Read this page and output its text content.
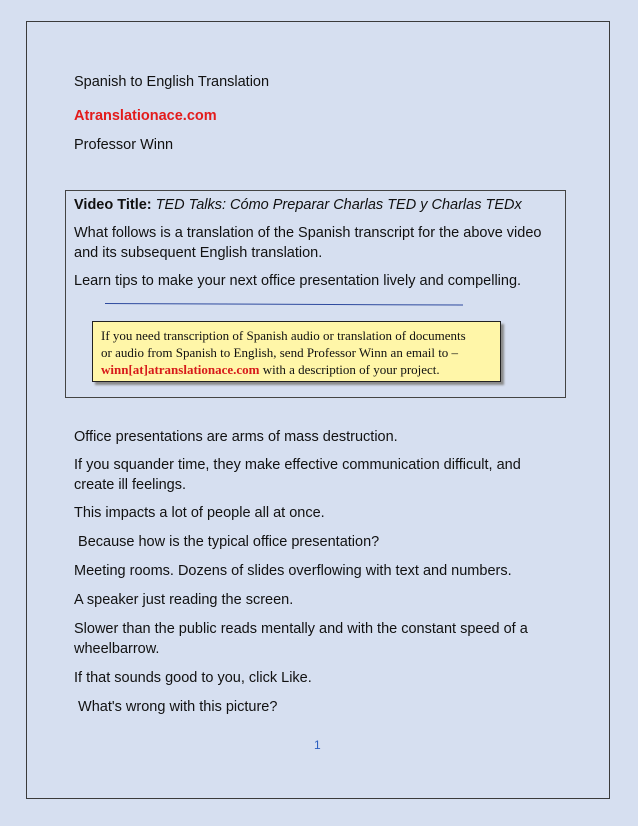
Spanish to English Translation
Atranslationace.com
Professor Winn
Video Title: TED Talks: Cómo Preparar Charlas TED y Charlas TEDx
What follows is a translation of the Spanish transcript for the above video
and its subsequent English translation.
Learn tips to make your next office presentation lively and compelling.
If you need transcription of Spanish audio or translation of documents
or audio from Spanish to English, send Professor Winn an email to –
winn[at]atranslationace.com with a description of your project.
Office presentations are arms of mass destruction.
If you squander time, they make effective communication difficult, and
create ill feelings.
This impacts a lot of people all at once.
Because how is the typical office presentation?
Meeting rooms. Dozens of slides overflowing with text and numbers.
A speaker just reading the screen.
Slower than the public reads mentally and with the constant speed of a
wheelbarrow.
If that sounds good to you, click Like.
What's wrong with this picture?
1
